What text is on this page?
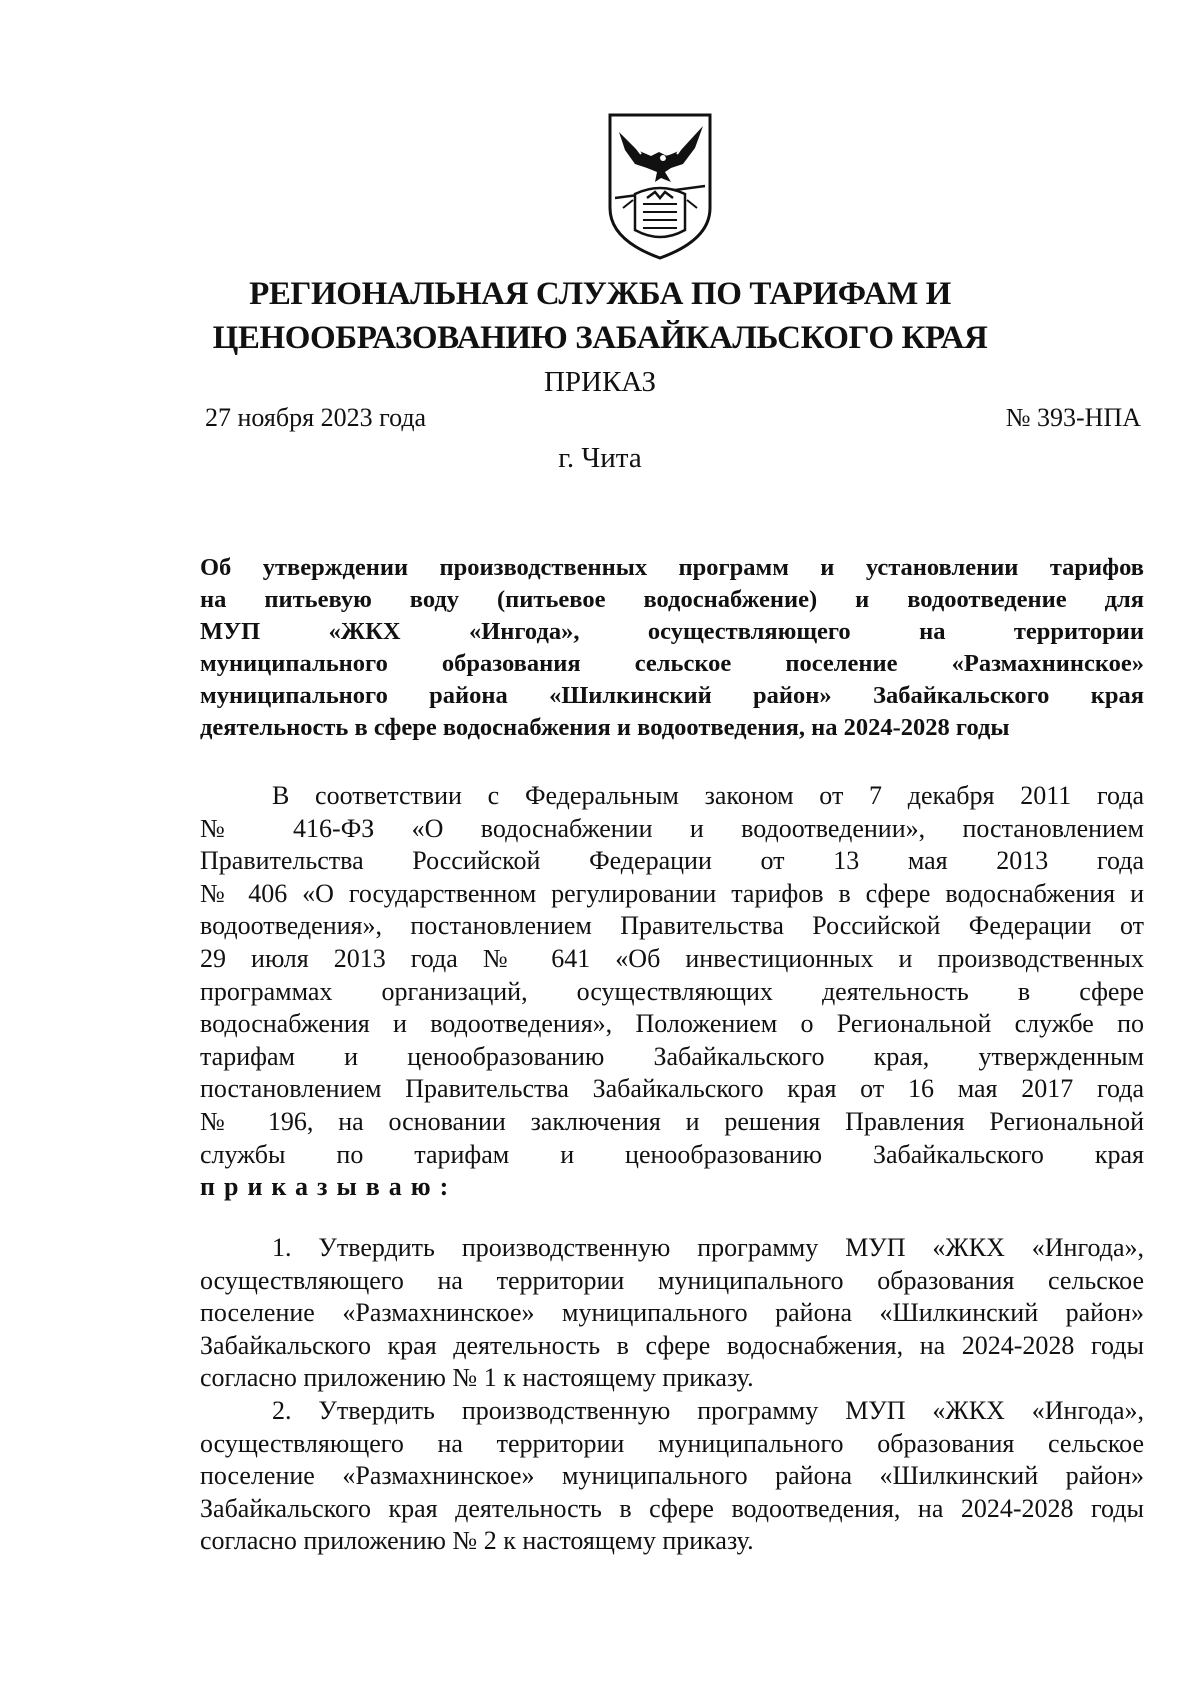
РЕГИОНАЛЬНАЯ СЛУЖБА ПО ТАРИФАМ И
ЦЕНООБРАЗОВАНИЮ ЗАБАЙКАЛЬСКОГО КРАЯ
ПРИКАЗ
27 ноября 2023 года	№ 393-НПА
г. Чита
Об утверждении производственных программ и установлении тарифов
на питьевую воду (питьевое водоснабжение) и водоотведение для
МУП «ЖКХ «Ингода», осуществляющего на территории
муниципального образования сельское поселение «Размахнинское»
муниципального района «Шилкинский район» Забайкальского края
деятельность в сфере водоснабжения и водоотведения, на 2024-2028 годы
В соответствии с Федеральным законом от 7 декабря 2011 года
№ 416-ФЗ «О водоснабжении и водоотведении», постановлением
Правительства Российской Федерации от 13 мая 2013 года
№ 406 «О государственном регулировании тарифов в сфере водоснабжения и
водоотведения», постановлением Правительства Российской Федерации от
29 июля 2013 года № 641 «Об инвестиционных и производственных
программах организаций, осуществляющих деятельность в сфере
водоснабжения и водоотведения», Положением о Региональной службе по
тарифам и ценообразованию Забайкальского края, утвержденным
постановлением Правительства Забайкальского края от 16 мая 2017 года
№ 196, на основании заключения и решения Правления Региональной
службы по тарифам и ценообразованию Забайкальского края
приказываю:
1. Утвердить производственную программу МУП «ЖКХ «Ингода»,
осуществляющего на территории муниципального образования сельское
поселение «Размахнинское» муниципального района «Шилкинский район»
Забайкальского края деятельность в сфере водоснабжения, на 2024-2028 годы
согласно приложению № 1 к настоящему приказу.
2. Утвердить производственную программу МУП «ЖКХ «Ингода»,
осуществляющего на территории муниципального образования сельское
поселение «Размахнинское» муниципального района «Шилкинский район»
Забайкальского края деятельность в сфере водоотведения, на 2024-2028 годы
согласно приложению № 2 к настоящему приказу.
